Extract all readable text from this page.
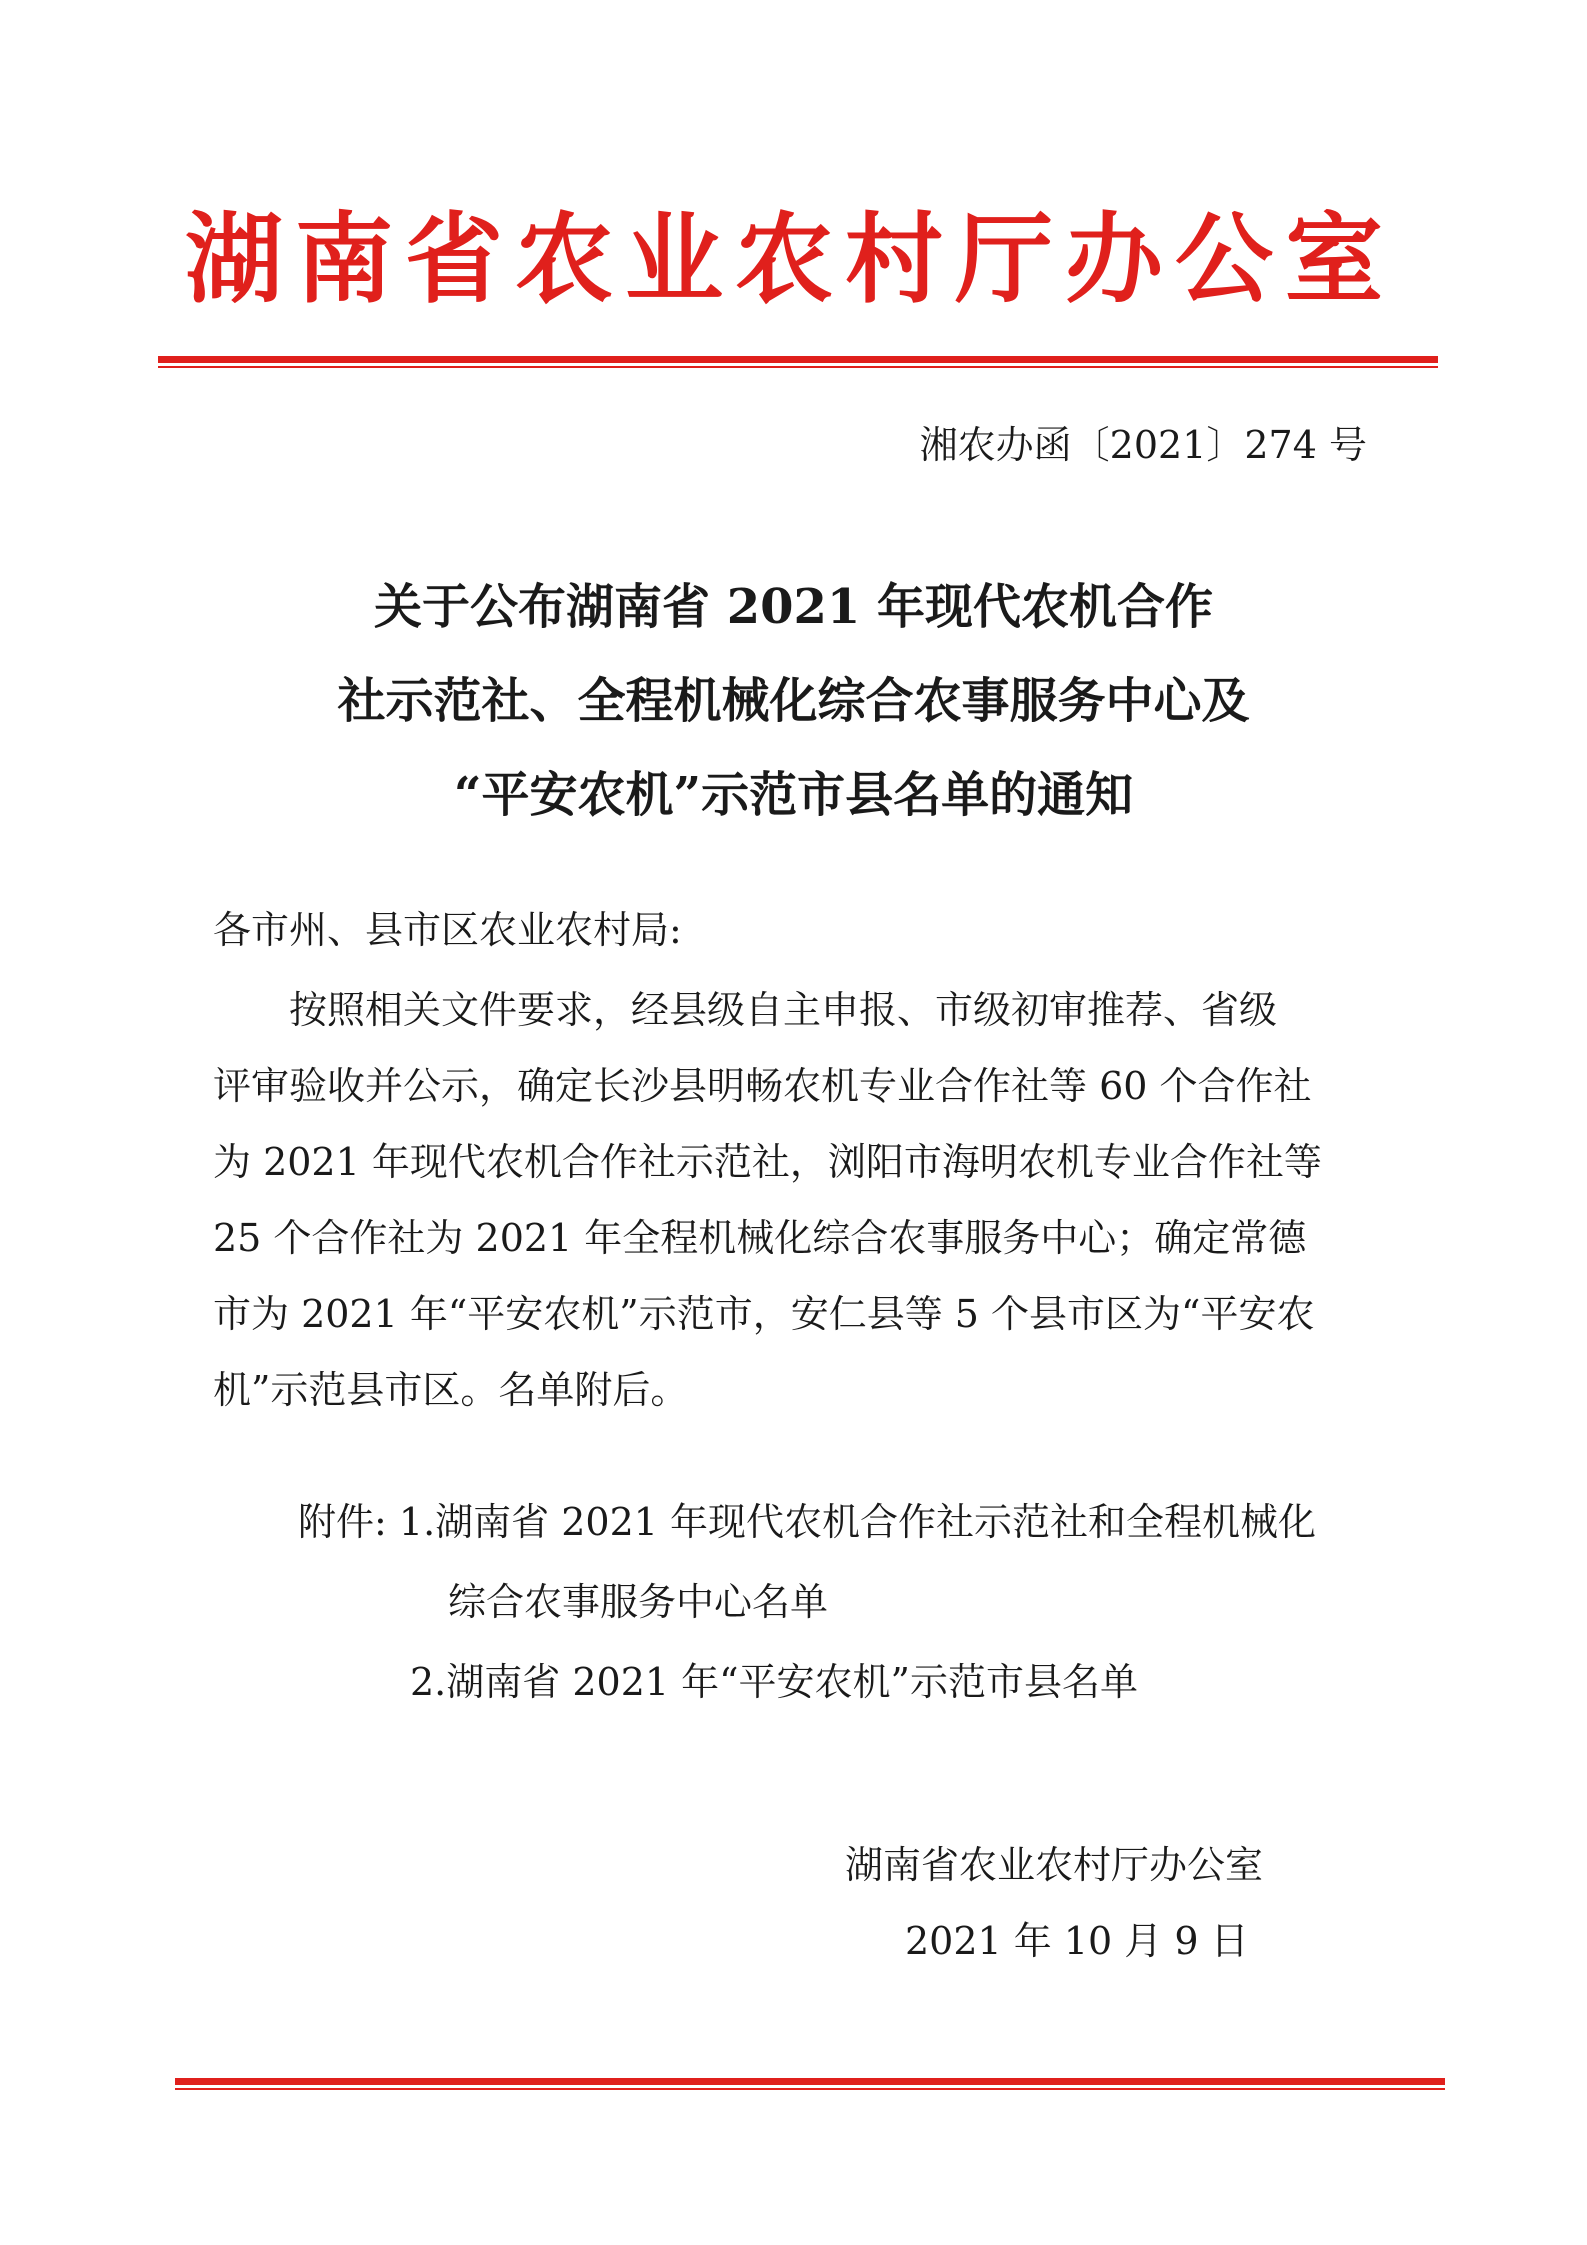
湖南省农业农村厅办公室
湘农办函〔2021〕274 号
关于公布湖南省 2021 年现代农机合作
社示范社、全程机械化综合农事服务中心及
“平安农机”示范市县名单的通知
各市州、县市区农业农村局:
　　按照相关文件要求，经县级自主申报、市级初审推荐、省级
评审验收并公示，确定长沙县明畅农机专业合作社等 60 个合作社
为 2021 年现代农机合作社示范社，浏阳市海明农机专业合作社等
25 个合作社为 2021 年全程机械化综合农事服务中心；确定常德
市为 2021 年“平安农机”示范市，安仁县等 5 个县市区为“平安农
机”示范县市区。名单附后。
附件: 1.湖南省 2021 年现代农机合作社示范社和全程机械化
综合农事服务中心名单
2.湖南省 2021 年“平安农机”示范市县名单
湖南省农业农村厅办公室
2021 年 10 月 9 日
